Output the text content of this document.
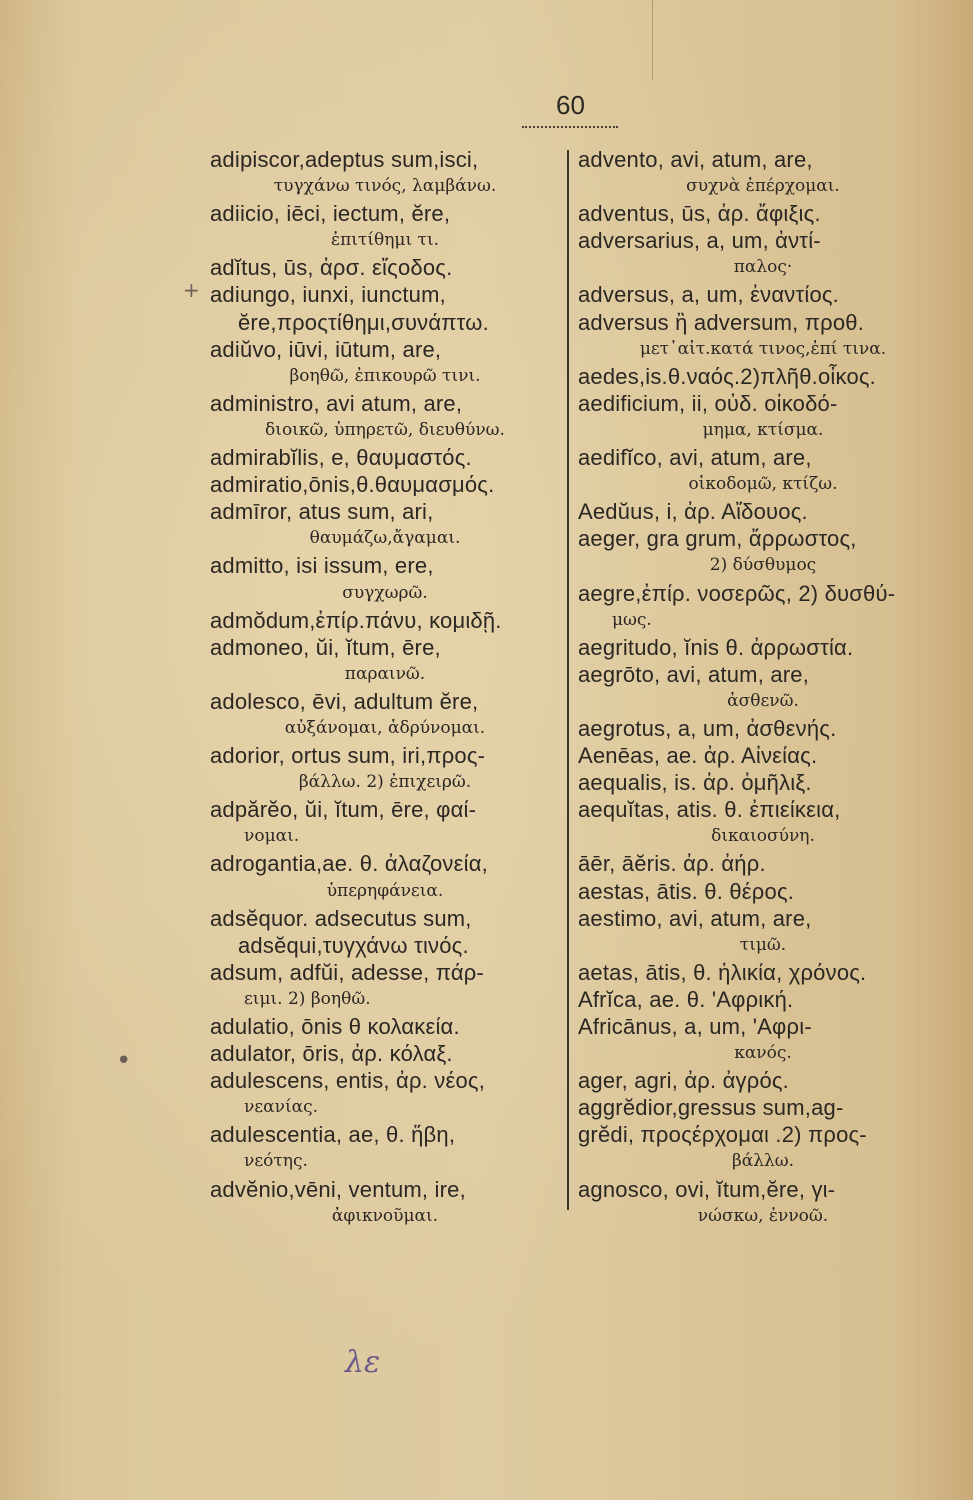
60
adipiscor,adeptus sum,isci,
τυγχάνω τινός, λαμβάνω.
adiicio, iēci, iectum, ĕre,
ἐπιτίθημι τι.
adĭtus, ūs, ἀρσ. εἴςοδος.
adiungo, iunxi, iunctum,
ĕre,προςτίθημι,συνάπτω.
adiŭvo, iūvi, iūtum, are,
βοηθῶ, ἐπικουρῶ τινι.
administro, avi atum, are,
διοικῶ, ὑπηρετῶ, διευθύνω.
admirabĭlis, e, θαυμαστός.
admiratio,ōnis,θ.θαυμασμός.
admīror, atus sum, ari,
θαυμάζω,ἄγαμαι.
admitto, isi issum, ere,
συγχωρῶ.
admŏdum,ἐπίρ.πάνυ, κομιδῇ.
admoneo, ŭi, ĭtum, ēre,
παραινῶ.
adolesco, ēvi, adultum ĕre,
αὐξάνομαι, ἁδρύνομαι.
adorior, ortus sum, iri,προς-
βάλλω. 2) ἐπιχειρῶ.
adpărĕo, ŭi, ĭtum, ēre, φαί-
νομαι.
adrogantia,ae. θ. ἀλαζονεία,
ὑπερηφάνεια.
adsĕquor. adsecutus sum,
adsĕqui,τυγχάνω τινός.
adsum, adfŭi, adesse, πάρ-
ειμι. 2) βοηθῶ.
adulatio, ōnis θ κολακεία.
adulator, ōris, ἀρ. κόλαξ.
adulescens, entis, ἀρ. νέος,
νεανίας.
adulescentia, ae, θ. ἥβη,
νεότης.
advĕnio,vēni, ventum, ire,
ἀφικνοῦμαι.
advento, avi, atum, are,
συχνὰ ἐπέρχομαι.
adventus, ūs, ἀρ. ἄφιξις.
adversarius, a, um, ἀντί-
παλος·
adversus, a, um, ἐναντίος.
adversus ἢ adversum, προθ.
μετ᾽αἰτ.κατά τινος,ἐπί τινα.
aedes,is.θ.ναός.2)πλῆθ.οἶκος.
aedificium, ii, οὐδ. οἰκοδό-
μημα, κτίσμα.
aedifĭco, avi, atum, are,
οἰκοδομῶ, κτίζω.
Aedŭus, i, ἀρ. Αἴδουος.
aeger, gra grum, ἄρρωστος,
2) δύσθυμος
aegre,ἐπίρ. νοσερῶς, 2) δυσθύ-
μως.
aegritudo, ĭnis θ. ἀρρωστία.
aegrōto, avi, atum, are,
ἀσθενῶ.
aegrotus, a, um, ἀσθενής.
Aenēas, ae. ἀρ. Αἰνείας.
aequalis, is. ἀρ. ὁμῆλιξ.
aequĭtas, atis. θ. ἐπιείκεια,
δικαιοσύνη.
āēr, āĕris. ἀρ. ἀήρ.
aestas, ātis. θ. θέρος.
aestimo, avi, atum, are,
τιμῶ.
aetas, ātis, θ. ἡλικία, χρόνος.
Afrĭca, ae. θ. 'Αφρική.
Africānus, a, um, 'Αφρι-
κανός.
ager, agri, ἀρ. ἀγρός.
aggrĕdior,gressus sum,ag-
grĕdi, προςέρχομαι .2) προς-
βάλλω.
agnosco, ovi, ĭtum,ĕre, γι-
νώσκω, ἐννοῶ.
+
•
λε
